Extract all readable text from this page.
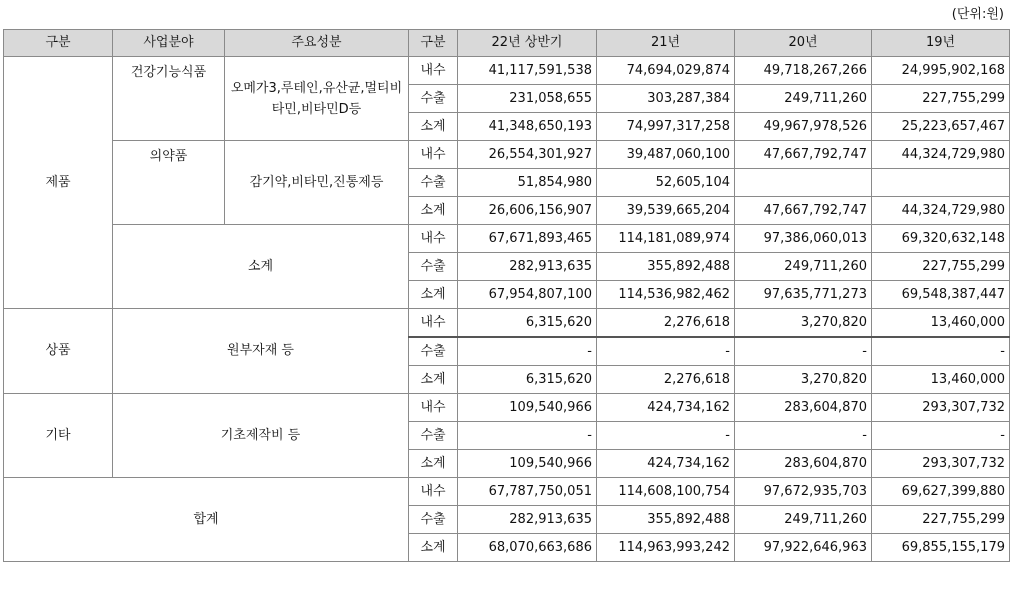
(단위:원)
구분	사업분야	주요성분	구분	22년 상반기	21년	20년	19년
제품	건강기능식품	오메가3,루테인,유산균,멀티비타민,비타민D등	내수	41,117,591,538	74,694,029,874	49,718,267,266	24,995,902,168
			수출	231,058,655	303,287,384	249,711,260	227,755,299
			소계	41,348,650,193	74,997,317,258	49,967,978,526	25,223,657,467
	의약품	감기약,비타민,진통제등	내수	26,554,301,927	39,487,060,100	47,667,792,747	44,324,729,980
			수출	51,854,980	52,605,104		
			소계	26,606,156,907	39,539,665,204	47,667,792,747	44,324,729,980
	소계		내수	67,671,893,465	114,181,089,974	97,386,060,013	69,320,632,148
			수출	282,913,635	355,892,488	249,711,260	227,755,299
			소계	67,954,807,100	114,536,982,462	97,635,771,273	69,548,387,447
상품	원부자재 등		내수	6,315,620	2,276,618	3,270,820	13,460,000
			수출	-	-	-	-
			소계	6,315,620	2,276,618	3,270,820	13,460,000
기타	기초제작비 등		내수	109,540,966	424,734,162	283,604,870	293,307,732
			수출	-	-	-	-
			소계	109,540,966	424,734,162	283,604,870	293,307,732
합계			내수	67,787,750,051	114,608,100,754	97,672,935,703	69,627,399,880
			수출	282,913,635	355,892,488	249,711,260	227,755,299
			소계	68,070,663,686	114,963,993,242	97,922,646,963	69,855,155,179
